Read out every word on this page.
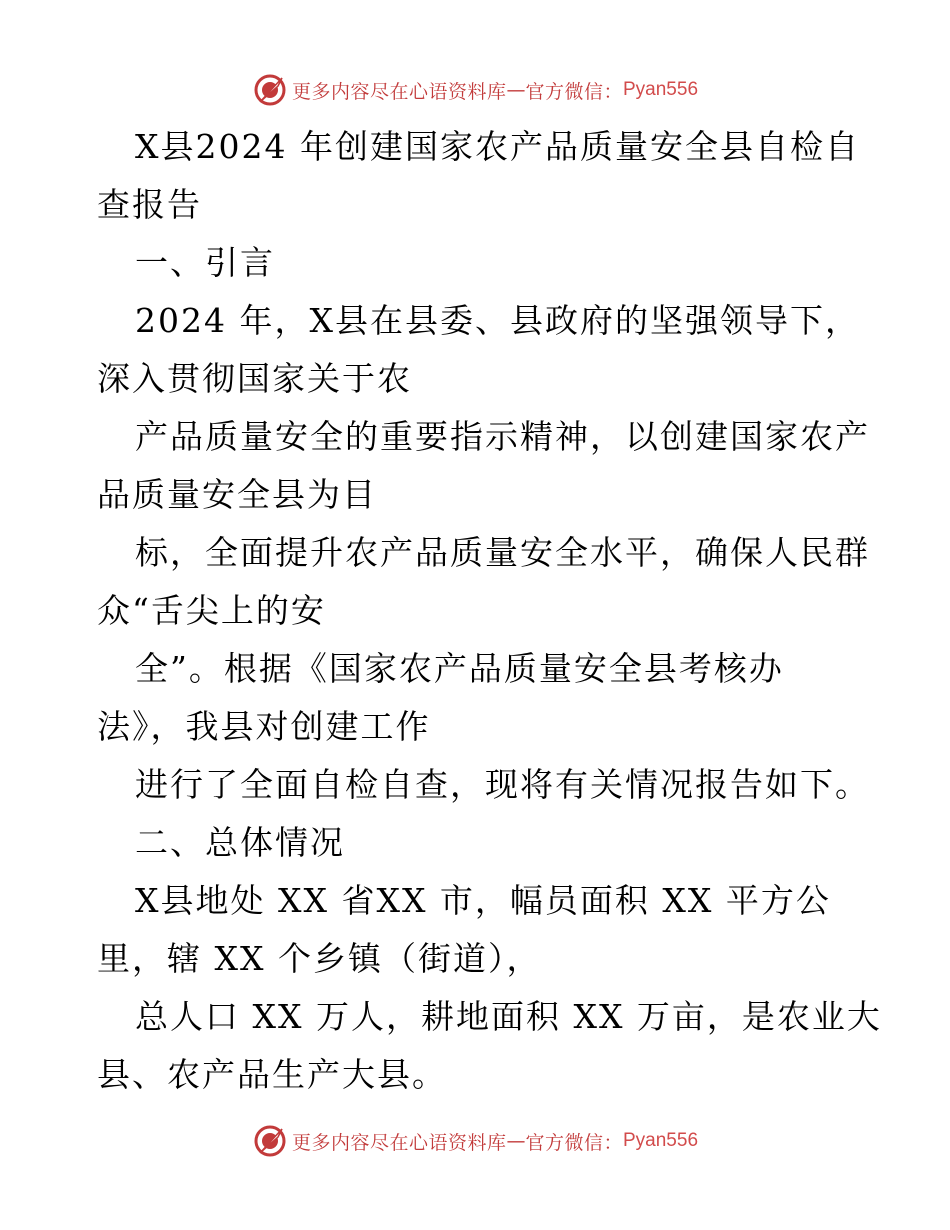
更多内容尽在心语资料库 — 官方微信： Pyan556
X县2024 年创建国家农产品质量安全县自检自
查报告
一、引言
2024 年，X县在县委、县政府的坚强领导下，
深入贯彻国家关于农
产品质量安全的重要指示精神，以创建国家农产
品质量安全县为目
标，全面提升农产品质量安全水平，确保人民群
众“舌尖上的安
全”。根据《国家农产品质量安全县考核办
法》，我县对创建工作
进行了全面自检自查，现将有关情况报告如下。
二、总体情况
X县地处 XX 省XX 市，幅员面积 XX 平方公
里，辖 XX 个乡镇（街道），
总人口 XX 万人，耕地面积 XX 万亩，是农业大
县、农产品生产大县。
更多内容尽在心语资料库 — 官方微信： Pyan556
